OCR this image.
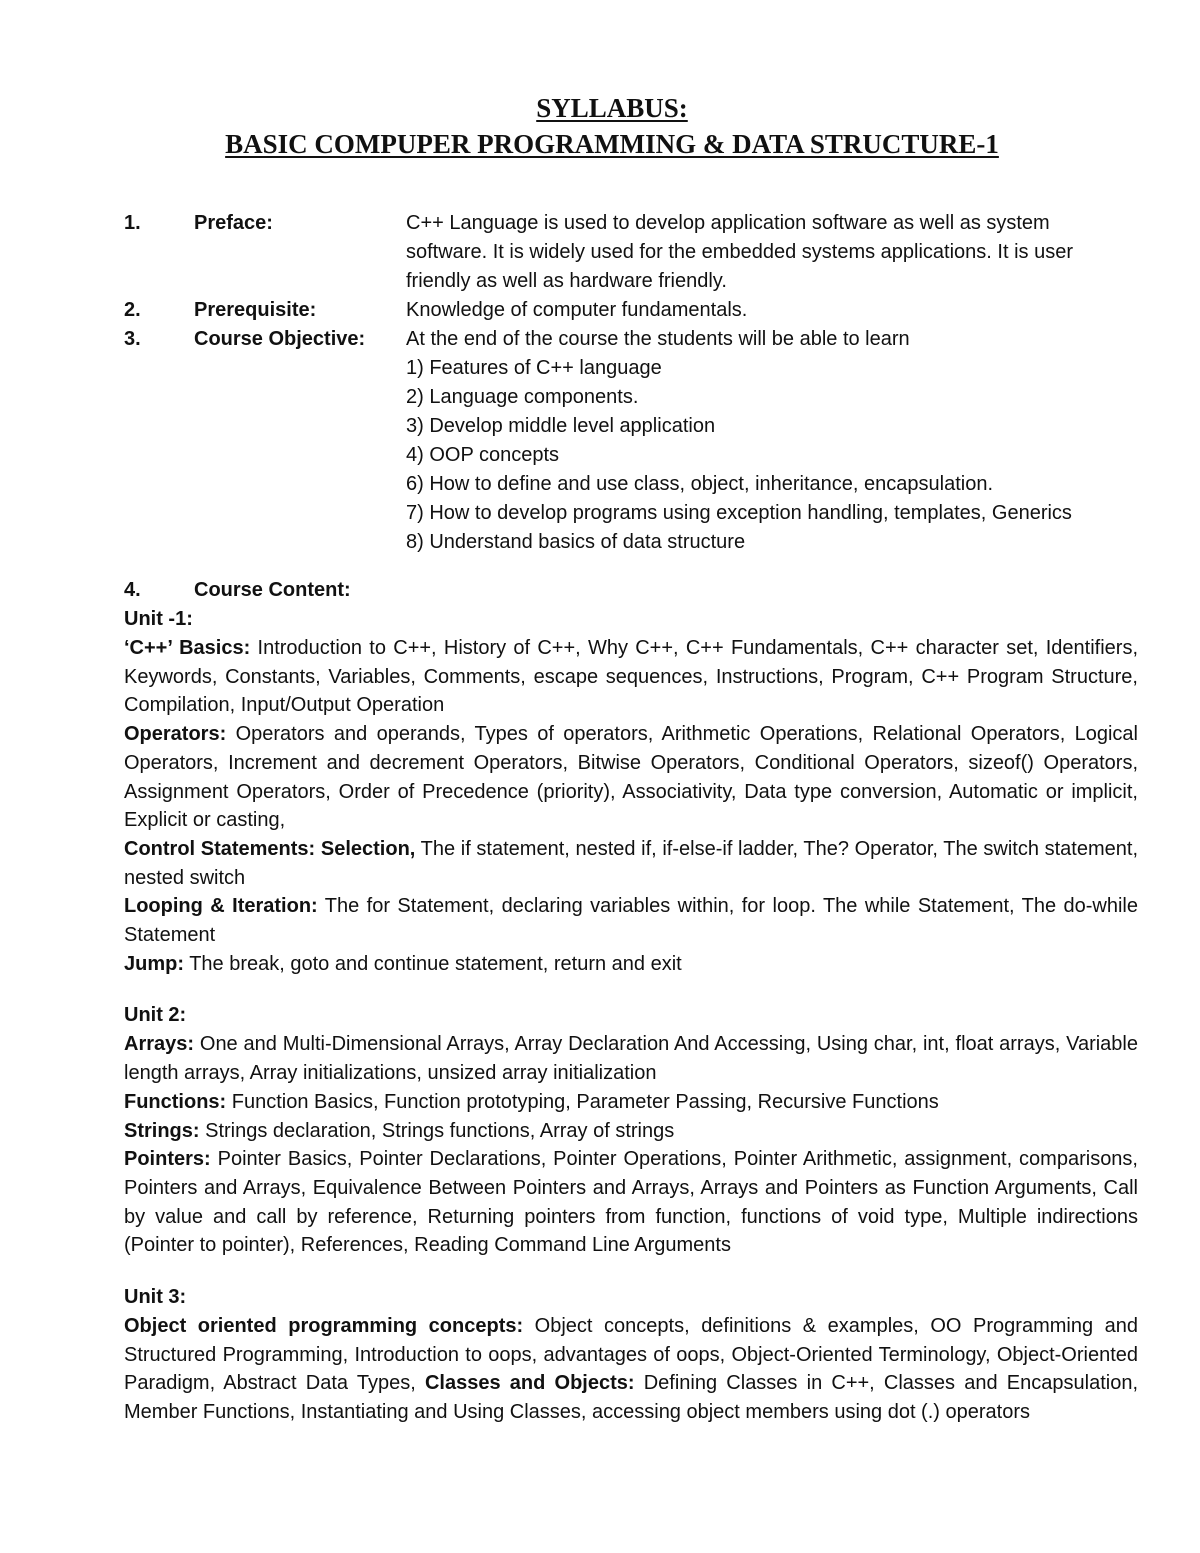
SYLLABUS:
BASIC COMPUPER PROGRAMMING & DATA STRUCTURE-1
1.	Preface:	C++ Language is used to develop application software as well as system
software. It is widely used for the embedded systems applications. It is user
friendly as well as hardware friendly.
2.	Prerequisite:	Knowledge of computer fundamentals.
3.	Course Objective: At the end of the course the students will be able to learn
1) Features of C++ language
2) Language components.
3) Develop middle level application
4) OOP concepts
6) How to define and use class, object, inheritance, encapsulation.
7) How to develop programs using exception handling, templates, Generics
8) Understand basics of data structure
4.	Course Content:
Unit -1:

‘C++’ Basics: Introduction to C++, History of C++, Why C++, C++ Fundamentals, C++ character set, Identifiers, Keywords, Constants, Variables, Comments, escape sequences, Instructions, Program, C++ Program Structure, Compilation, Input/Output Operation

Operators: Operators and operands, Types of operators, Arithmetic Operations, Relational Operators, Logical Operators, Increment and decrement Operators, Bitwise Operators, Conditional Operators, sizeof() Operators, Assignment Operators, Order of Precedence (priority), Associativity, Data type conversion, Automatic or implicit, Explicit or casting,

Control Statements: Selection, The if statement, nested if, if-else-if ladder, The? Operator, The switch statement, nested switch

Looping & Iteration: The for Statement, declaring variables within, for loop. The while Statement, The do-while Statement

Jump: The break, goto and continue statement, return and exit

Unit 2:

Arrays: One and Multi-Dimensional Arrays, Array Declaration And Accessing, Using char, int, float arrays, Variable length arrays, Array initializations, unsized array initialization

Functions: Function Basics, Function prototyping, Parameter Passing, Recursive Functions

Strings: Strings declaration, Strings functions, Array of strings

Pointers: Pointer Basics, Pointer Declarations, Pointer Operations, Pointer Arithmetic, assignment, comparisons, Pointers and Arrays, Equivalence Between Pointers and Arrays, Arrays and Pointers as Function Arguments, Call by value and call by reference, Returning pointers from function, functions of void type, Multiple indirections (Pointer to pointer), References, Reading Command Line Arguments

Unit 3:

Object oriented programming concepts: Object concepts, definitions & examples, OO Programming and Structured Programming, Introduction to oops, advantages of oops, Object-Oriented Terminology, Object-Oriented Paradigm, Abstract Data Types, Classes and Objects: Defining Classes in C++, Classes and Encapsulation, Member Functions, Instantiating and Using Classes, accessing object members using dot (.) operators
